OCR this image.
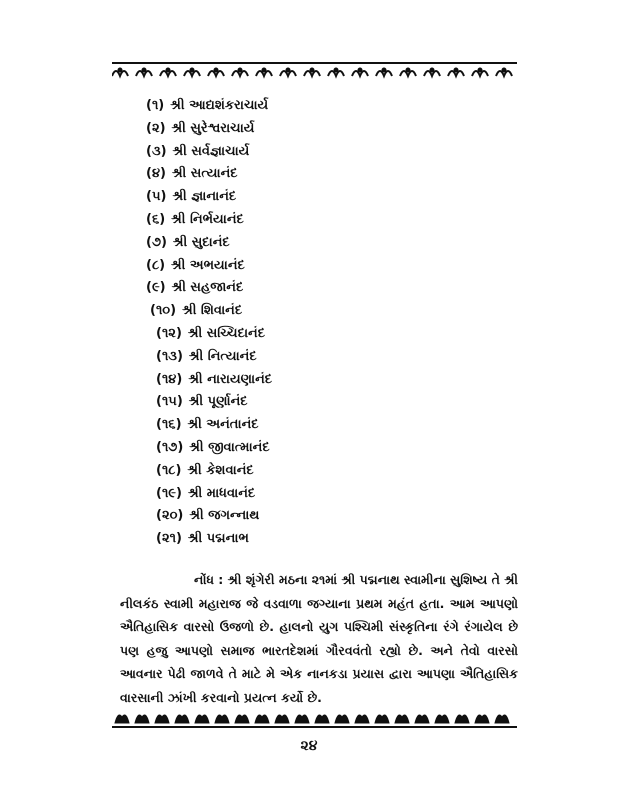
(૧) શ્રી આદ્યશંકરાચાર્ય
(૨) શ્રી સુરેશ્વરાચાર્ય
(૩) શ્રી સર્વજ્ઞાચાર્ય
(૪) શ્રી સત્યાનંદ
(૫) શ્રી જ્ઞાનાનંદ
(૬) શ્રી નિર્ભયાનંદ
(૭) શ્રી સુદાનંદ
(૮) શ્રી અભયાનંદ
(૯) શ્રી સહજાનંદ
(૧૦) શ્રી શિવાનંદ
(૧૨) શ્રી સચ્ચિદાનંદ
(૧૩) શ્રી નિત્યાનંદ
(૧૪) શ્રી નારાયણાનંદ
(૧૫) શ્રી પૂર્ણાનંદ
(૧૬) શ્રી અનંતાનંદ
(૧૭) શ્રી જીવાત્માનંદ
(૧૮) શ્રી કેશવાનંદ
(૧૯) શ્રી માધવાનંદ
(૨૦) શ્રી જગન્નાથ
(૨૧) શ્રી પદ્મનાભ

નોંધ : શ્રી શૃંગેરી મઠના ૨૧માં શ્રી પદ્મનાથ સ્વામીના સુશિષ્ય તે શ્રી નીલકંઠ સ્વામી મહારાજ જે વડવાળા જગ્યાના પ્રથમ મહંત હતા. આમ આપણો ઐતિહાસિક વારસો ઉજળો છે. હાલનો યુગ પશ્ચિમી સંસ્કૃતિના રંગે રંગાયેલ છે પણ હજુ આપણો સમાજ ભારતદેશમાં ગૌરવવંતો રહ્યો છે. અને તેવો વારસો આવનાર પેઢી જાળવે તે માટે મે એક નાનકડા પ્રયાસ દ્વારા આપણા ઐતિહાસિક વારસાની ઝાંખી કરવાનો પ્રયત્ન કર્યો છે.

૨૪
